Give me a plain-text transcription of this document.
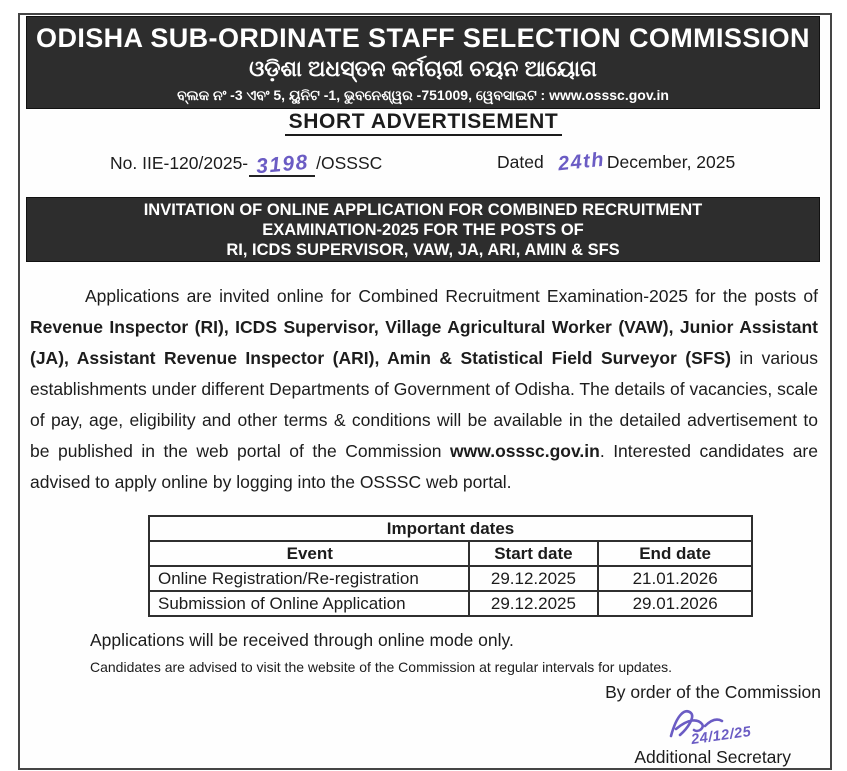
ODISHA SUB-ORDINATE STAFF SELECTION COMMISSION
ଓଡ଼ିଶା ଅଧସ୍ତନ କର୍ମଚାରୀ ଚୟନ ଆୟୋଗ
ବ୍ଲକ ନଂ -3 ଏବଂ 5, ୟୁନିଟ -1, ଭୁବନେଶ୍ୱର -751009, ୱେବସାଇଟ : www.osssc.gov.in
SHORT ADVERTISEMENT
No. IIE-120/2025- 3198 /OSSSC	Dated 24thDecember, 2025
INVITATION OF ONLINE APPLICATION FOR COMBINED RECRUITMENT
EXAMINATION-2025 FOR THE POSTS OF
RI, ICDS SUPERVISOR, VAW, JA, ARI, AMIN & SFS
Applications are invited online for Combined Recruitment Examination-2025 for the posts of Revenue Inspector (RI), ICDS Supervisor, Village Agricultural Worker (VAW), Junior Assistant (JA), Assistant Revenue Inspector (ARI), Amin & Statistical Field Surveyor (SFS) in various establishments under different Departments of Government of Odisha. The details of vacancies, scale of pay, age, eligibility and other terms & conditions will be available in the detailed advertisement to be published in the web portal of the Commission www.osssc.gov.in. Interested candidates are advised to apply online by logging into the OSSSC web portal.
Important dates		
Event	Start date	End date
Online Registration/Re-registration	29.12.2025	21.01.2026
Submission of Online Application	29.12.2025	29.01.2026
Applications will be received through online mode only.
Candidates are advised to visit the website of the Commission at regular intervals for updates.
By order of the Commission
24/12/25
Additional Secretary
